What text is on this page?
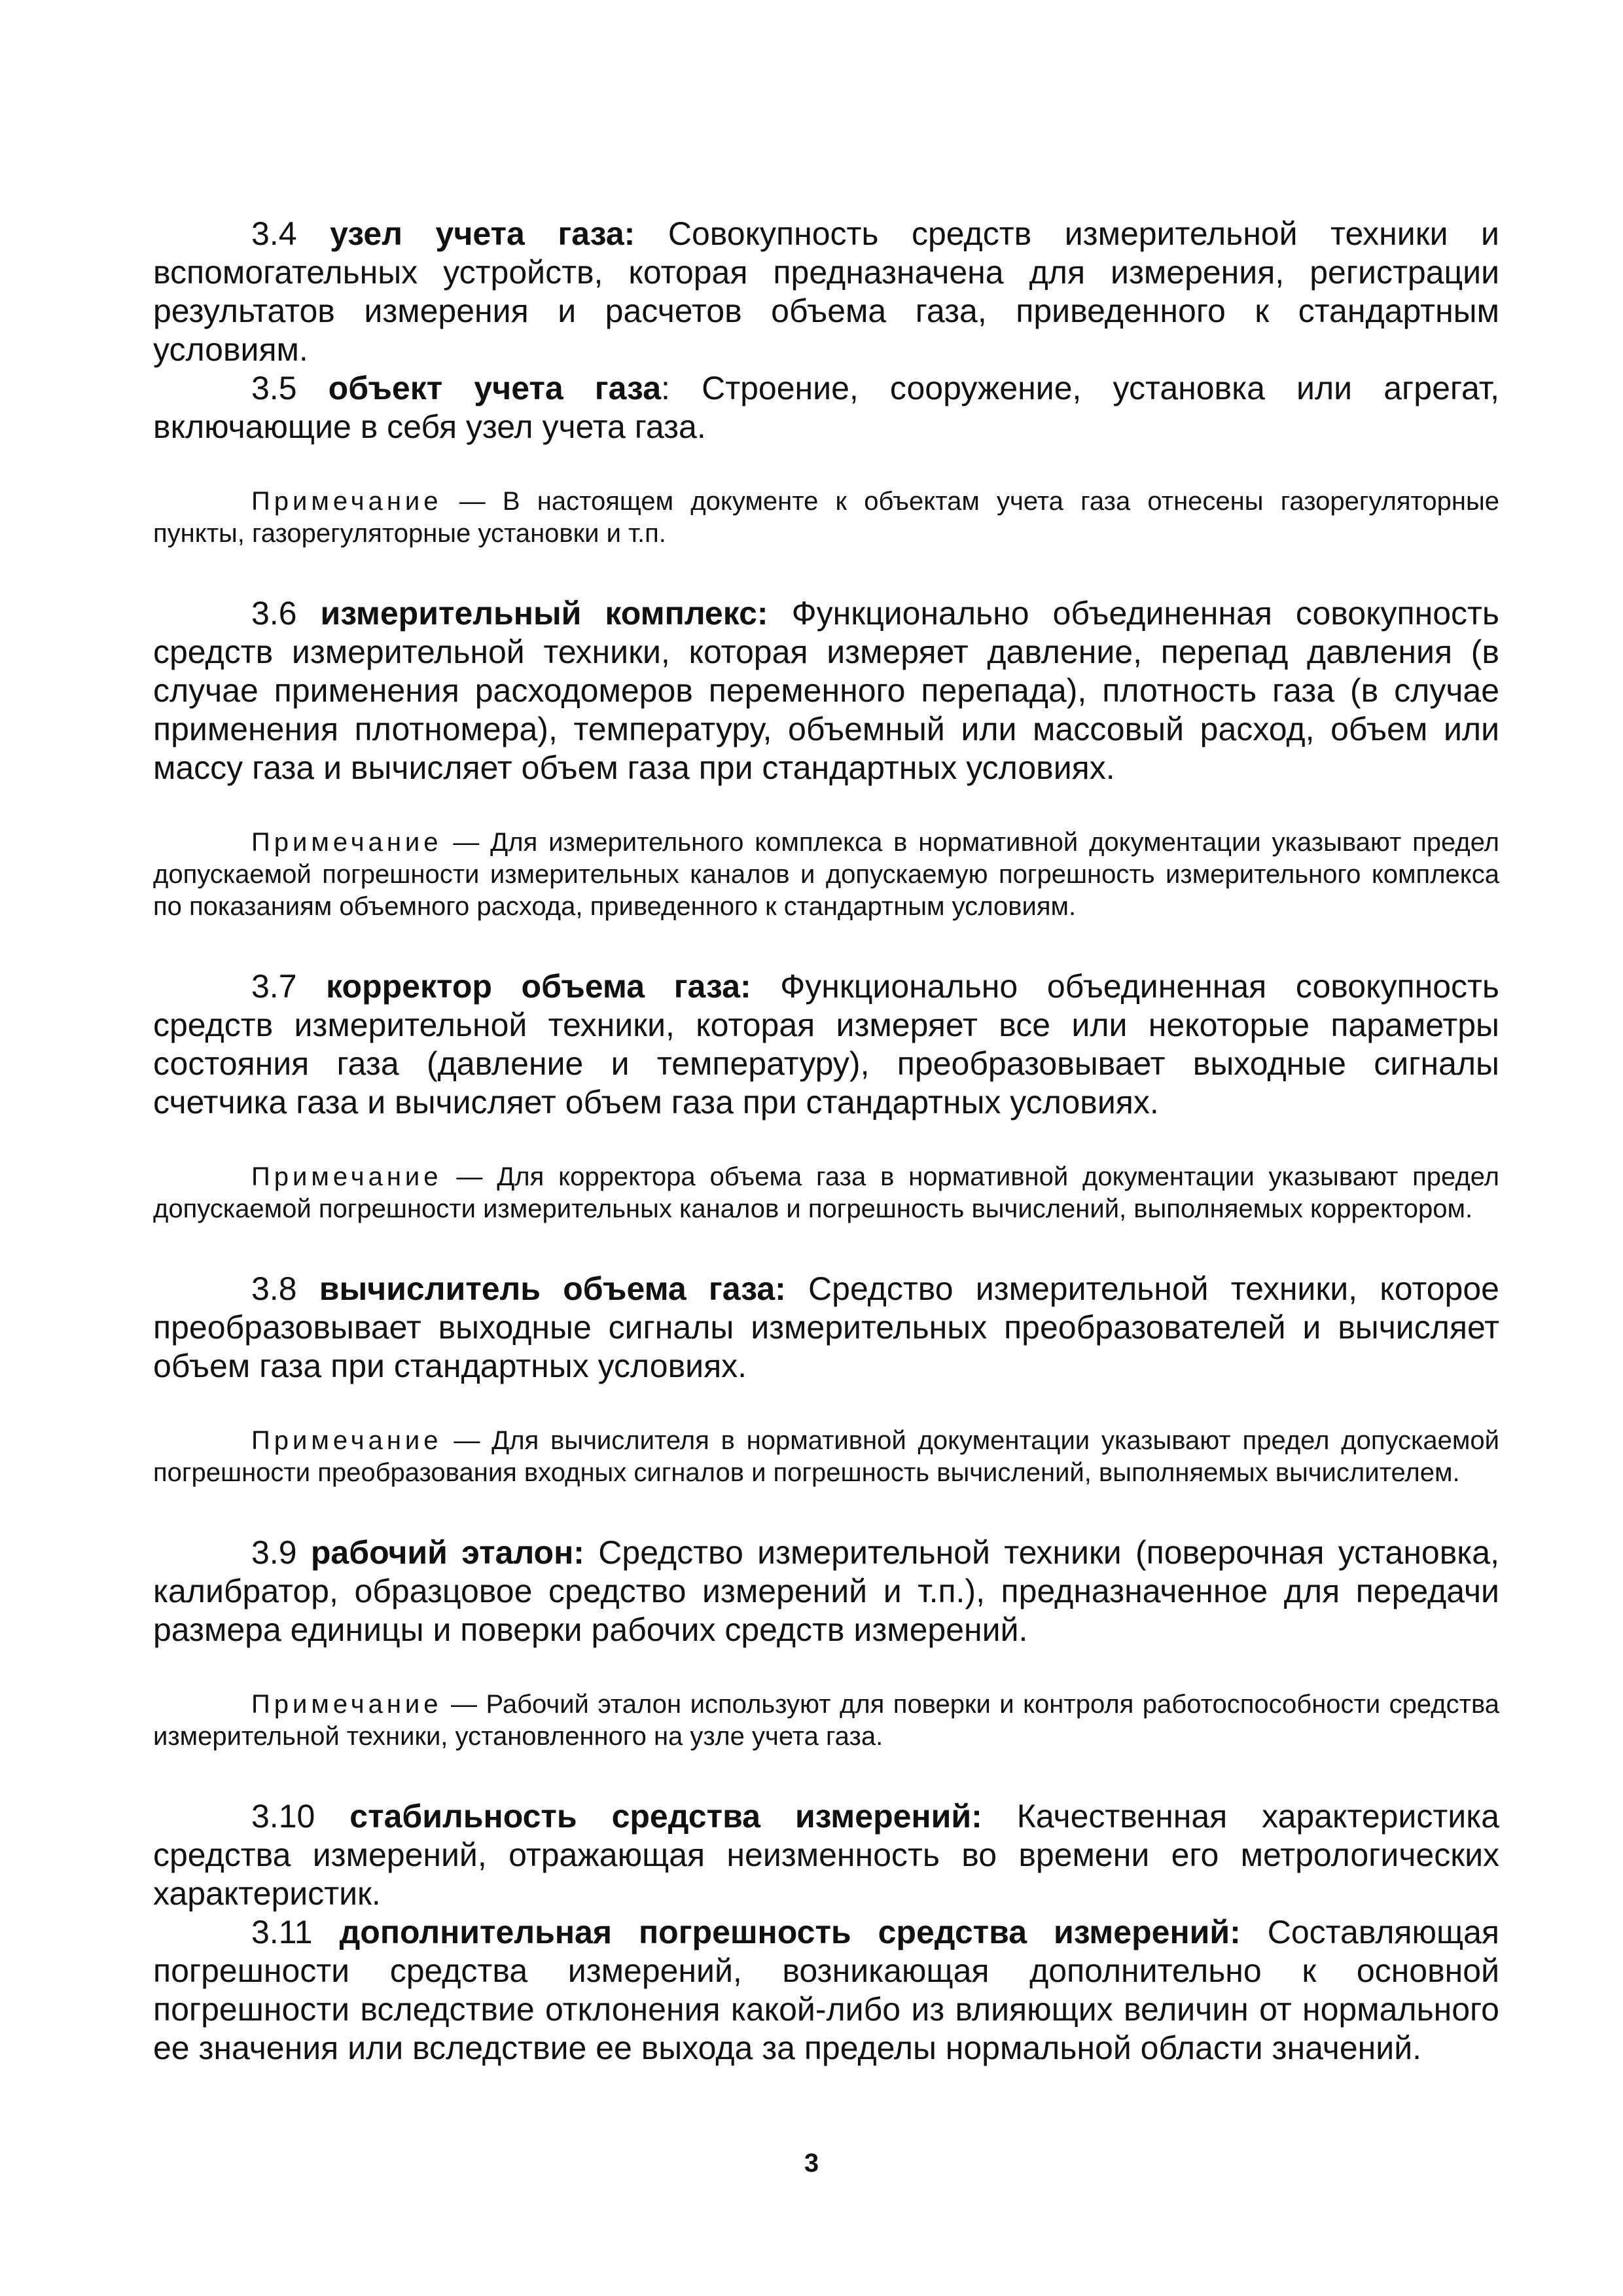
3.4 узел учета газа: Совокупность средств измерительной техники и вспомогательных устройств, которая предназначена для измерения, регистрации результатов измерения и расчетов объема газа, приведенного к стандартным условиям.

3.5 объект учета газа: Строение, сооружение, установка или агрегат, включающие в себя узел учета газа.

Примечание — В настоящем документе к объектам учета газа отнесены газорегуляторные пункты, газорегуляторные установки и т.п.

3.6 измерительный комплекс: Функционально объединенная совокупность средств измерительной техники, которая измеряет давление, перепад давления (в случае применения расходомеров переменного перепада), плотность газа (в случае применения плотномера), температуру, объемный или массовый расход, объем или массу газа и вычисляет объем газа при стандартных условиях.

Примечание — Для измерительного комплекса в нормативной документации указывают предел допускаемой погрешности измерительных каналов и допускаемую погрешность измерительного комплекса по показаниям объемного расхода, приведенного к стандартным условиям.

3.7 корректор объема газа: Функционально объединенная совокупность средств измерительной техники, которая измеряет все или некоторые параметры состояния газа (давление и температуру), преобразовывает выходные сигналы счетчика газа и вычисляет объем газа при стандартных условиях.

Примечание — Для корректора объема газа в нормативной документации указывают предел допускаемой погрешности измерительных каналов и погрешность вычислений, выполняемых корректором.

3.8 вычислитель объема газа: Средство измерительной техники, которое преобразовывает выходные сигналы измерительных преобразователей и вычисляет объем газа при стандартных условиях.

Примечание — Для вычислителя в нормативной документации указывают предел допускаемой погрешности преобразования входных сигналов и погрешность вычислений, выполняемых вычислителем.

3.9 рабочий эталон: Средство измерительной техники (поверочная установка, калибратор, образцовое средство измерений и т.п.), предназначенное для передачи размера единицы и поверки рабочих средств измерений.

Примечание — Рабочий эталон используют для поверки и контроля работоспособности средства измерительной техники, установленного на узле учета газа.

3.10 стабильность средства измерений: Качественная характеристика средства измерений, отражающая неизменность во времени его метрологических характеристик.

3.11 дополнительная погрешность средства измерений: Составляющая погрешности средства измерений, возникающая дополнительно к основной погрешности вследствие отклонения какой-либо из влияющих величин от нормального ее значения или вследствие ее выхода за пределы нормальной области значений.

3
